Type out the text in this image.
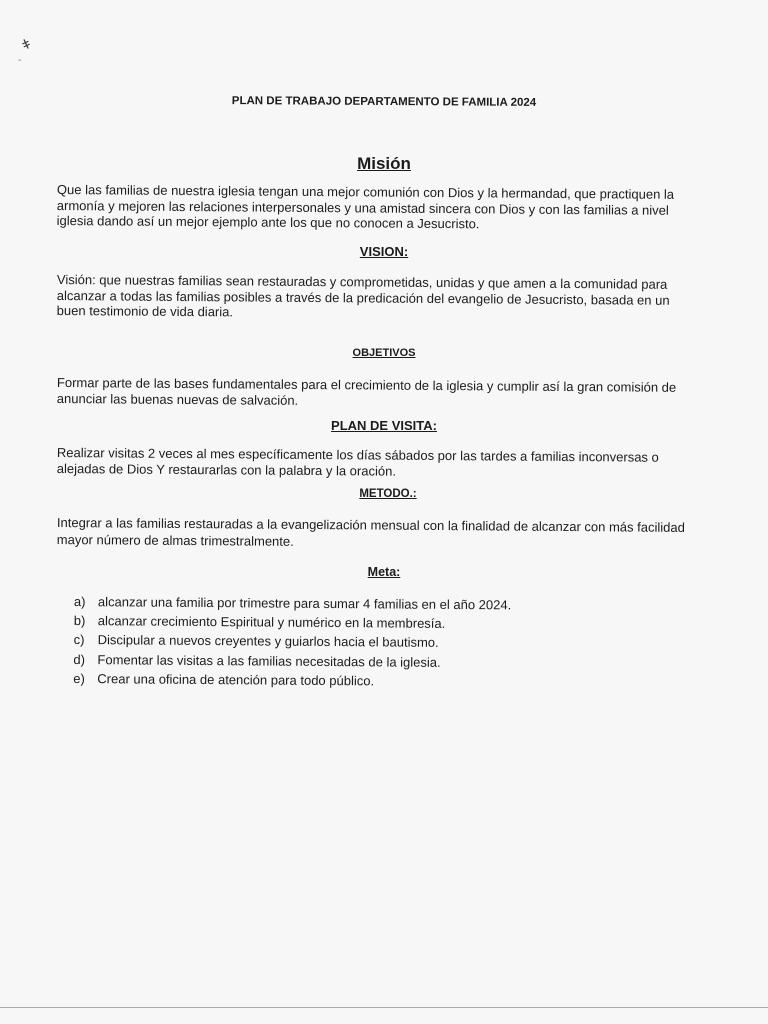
ǂ
-
PLAN DE TRABAJO DEPARTAMENTO DE FAMILIA 2024
Misión
Que las familias de nuestra iglesia tengan una mejor comunión con Dios y la hermandad, que practiquen la armonía y mejoren las relaciones interpersonales y una amistad sincera con Dios y con las familias a nivel iglesia dando así un mejor ejemplo ante los que no conocen a Jesucristo.
VISION:
Visión: que nuestras familias sean restauradas y comprometidas, unidas y que amen a la comunidad para alcanzar a todas las familias posibles a través de la predicación del evangelio de Jesucristo, basada en un buen testimonio de vida diaria.
OBJETIVOS
Formar parte de las bases fundamentales para el crecimiento de la iglesia y cumplir así la gran comisión de anunciar las buenas nuevas de salvación.
PLAN DE VISITA:
Realizar visitas 2 veces al mes específicamente los días sábados por las tardes a familias inconversas o alejadas de Dios Y restaurarlas con la palabra y la oración.
METODO.:
Integrar a las familias restauradas a la evangelización mensual con la finalidad de alcanzar con más facilidad mayor número de almas trimestralmente.
Meta:
a) alcanzar una familia por trimestre para sumar 4 familias en el año 2024.
b) alcanzar crecimiento Espiritual y numérico en la membresía.
c)	Discipular a nuevos creyentes y guiarlos hacia el bautismo.
d) Fomentar las visitas a las familias necesitadas de la iglesia.
e) Crear una oficina de atención para todo público.
